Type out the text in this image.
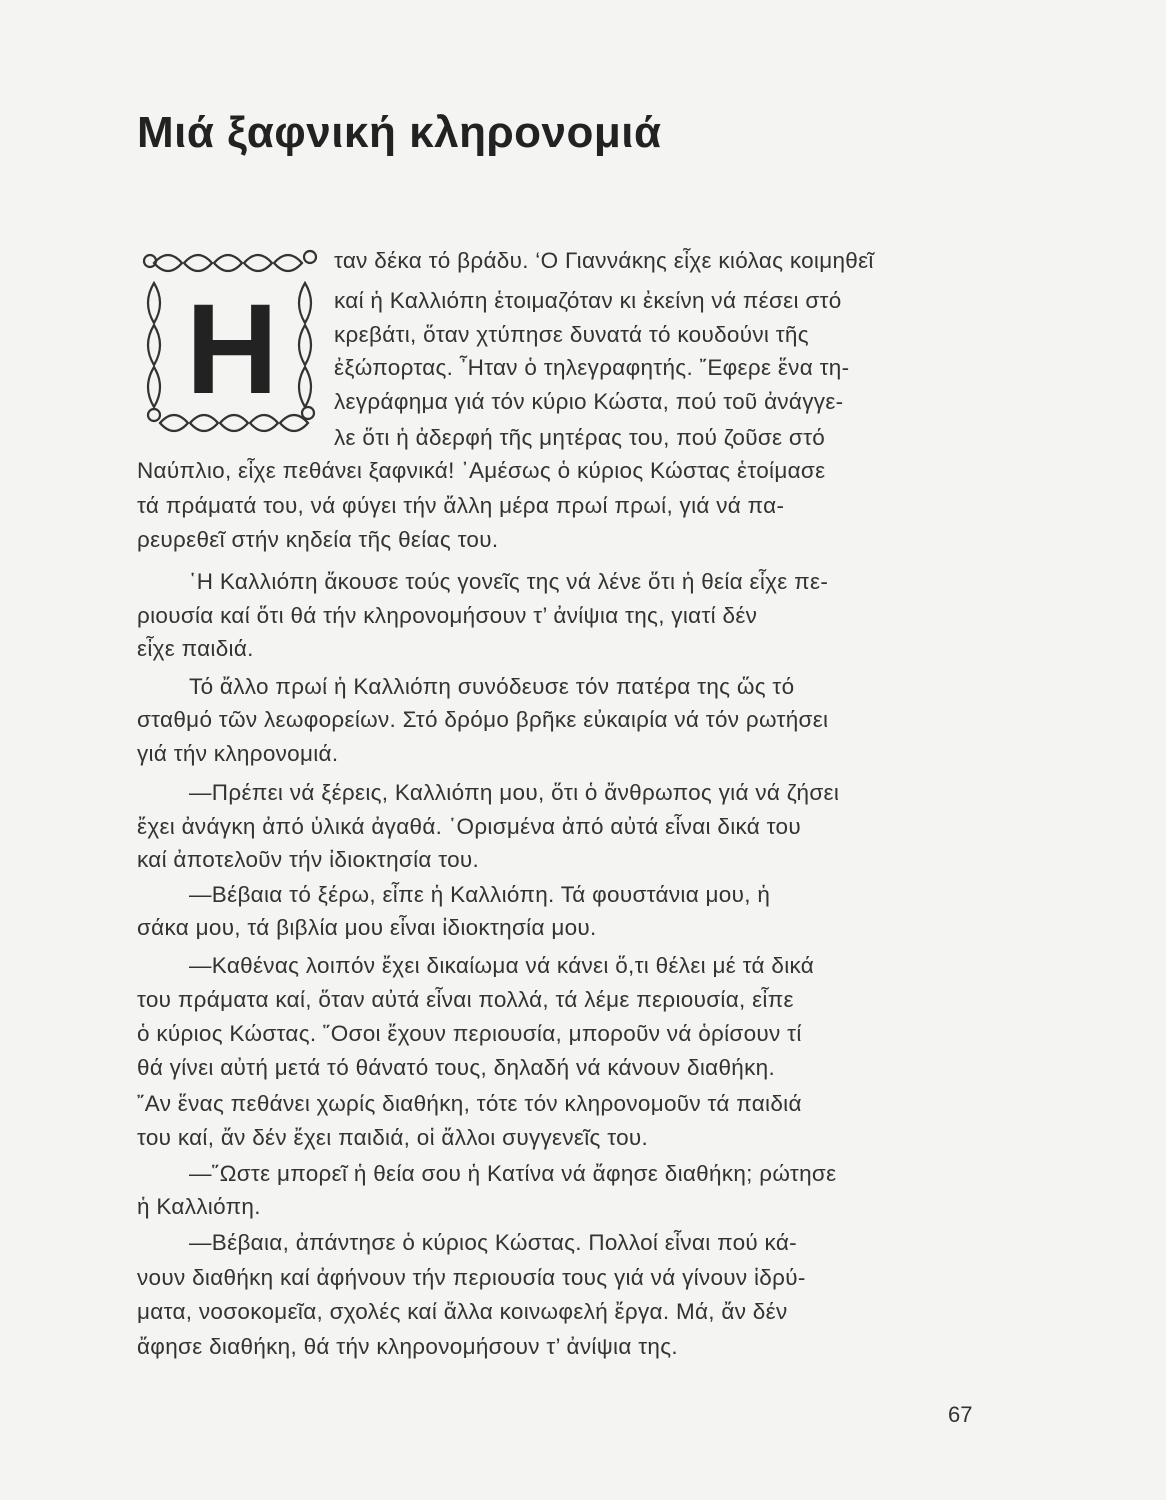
Μιά ξαφνική κληρονομιά
H
ταν δέκα τό βράδυ. ‘Ο Γιαννάκης εἶχε κιόλας κοιμηθεῖ
καί ἡ Καλλιόπη ἑτοιμαζόταν κι ἐκείνη νά πέσει στό
κρεβάτι, ὅταν χτύπησε δυνατά τό κουδούνι τῆς
ἐξώπορτας. ῏Ηταν ὁ τηλεγραφητής. ῎Εφερε ἕνα τη-
λεγράφημα γιά τόν κύριο Κώστα, πού τοῦ ἀνάγγε-
λε ὅτι ἡ ἀδερφή τῆς μητέρας του, πού ζοῦσε στό
Ναύπλιο, εἶχε πεθάνει ξαφνικά! ᾿Αμέσως ὁ κύριος Κώστας ἑτοίμασε
τά πράματά του, νά φύγει τήν ἄλλη μέρα πρωί πρωί, γιά νά πα-
ρευρεθεῖ στήν κηδεία τῆς θείας του.
῾Η Καλλιόπη ἄκουσε τούς γονεῖς της νά λένε ὅτι ἡ θεία εἶχε πε-
ριουσία καί ὅτι θά τήν κληρονομήσουν τ’ ἀνίψια της, γιατί δέν
εἶχε παιδιά.
Τό ἄλλο πρωί ἡ Καλλιόπη συνόδευσε τόν πατέρα της ὥς τό
σταθμό τῶν λεωφορείων. Στό δρόμο βρῆκε εὐκαιρία νά τόν ρωτήσει
γιά τήν κληρονομιά.
—Πρέπει νά ξέρεις, Καλλιόπη μου, ὅτι ὁ ἄνθρωπος γιά νά ζήσει
ἔχει ἀνάγκη ἀπό ὑλικά ἀγαθά. ῾Ορισμένα ἀπό αὐτά εἶναι δικά του
καί ἀποτελοῦν τήν ἰδιοκτησία του.
—Βέβαια τό ξέρω, εἶπε ἡ Καλλιόπη. Τά φουστάνια μου, ἡ
σάκα μου, τά βιβλία μου εἶναι ἰδιοκτησία μου.
—Καθένας λοιπόν ἔχει δικαίωμα νά κάνει ὅ,τι θέλει μέ τά δικά
του πράματα καί, ὅταν αὐτά εἶναι πολλά, τά λέμε περιουσία, εἶπε
ὁ κύριος Κώστας. ῞Οσοι ἔχουν περιουσία, μποροῦν νά ὁρίσουν τί
θά γίνει αὐτή μετά τό θάνατό τους, δηλαδή νά κάνουν διαθήκη.
῎Αν ἕνας πεθάνει χωρίς διαθήκη, τότε τόν κληρονομοῦν τά παιδιά
του καί, ἄν δέν ἔχει παιδιά, οἱ ἄλλοι συγγενεῖς του.
—῞Ωστε μπορεῖ ἡ θεία σου ἡ Κατίνα νά ἄφησε διαθήκη; ρώτησε
ἡ Καλλιόπη.
—Βέβαια, ἀπάντησε ὁ κύριος Κώστας. Πολλοί εἶναι πού κά-
νουν διαθήκη καί ἀφήνουν τήν περιουσία τους γιά νά γίνουν ἱδρύ-
ματα, νοσοκομεῖα, σχολές καί ἄλλα κοινωφελή ἔργα. Μά, ἄν δέν
ἄφησε διαθήκη, θά τήν κληρονομήσουν τ’ ἀνίψια της.
67
